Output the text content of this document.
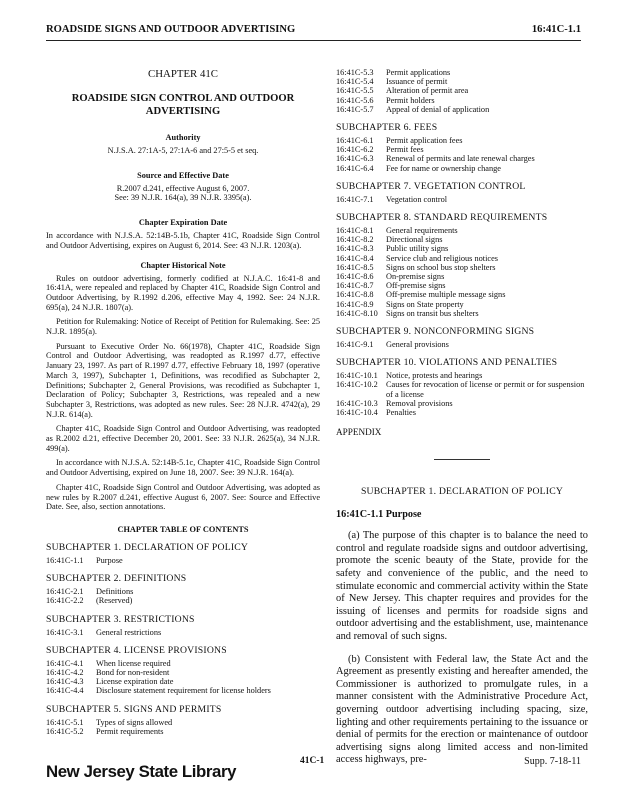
ROADSIDE SIGNS AND OUTDOOR ADVERTISING	16:41C-1.1

CHAPTER 41C

ROADSIDE SIGN CONTROL AND OUTDOOR ADVERTISING

Authority

N.J.S.A. 27:1A-5, 27:1A-6 and 27:5-5 et seq.

Source and Effective Date

R.2007 d.241, effective August 6, 2007.

See: 39 N.J.R. 164(a), 39 N.J.R. 3395(a).

Chapter Expiration Date

In accordance with N.J.S.A. 52:14B-5.1b, Chapter 41C, Roadside Sign Control and Outdoor Advertising, expires on August 6, 2014. See: 43 N.J.R. 1203(a).

Chapter Historical Note

Rules on outdoor advertising, formerly codified at N.J.A.C. 16:41-8 and 16:41A, were repealed and replaced by Chapter 41C, Roadside Sign Control and Outdoor Advertising, by R.1992 d.206, effective May 4, 1992. See: 24 N.J.R. 695(a), 24 N.J.R. 1807(a).

Petition for Rulemaking: Notice of Receipt of Petition for Rulemaking. See: 25 N.J.R. 1895(a).

Pursuant to Executive Order No. 66(1978), Chapter 41C, Roadside Sign Control and Outdoor Advertising, was readopted as R.1997 d.77, effective January 23, 1997. As part of R.1997 d.77, effective February 18, 1997 (operative March 3, 1997), Subchapter 1, Definitions, was recodified as Subchapter 2, Definitions; Subchapter 2, General Provisions, was recodified as Subchapter 1, Declaration of Policy; Subchapter 3, Restrictions, was repealed and a new Subchapter 3, Restrictions, was adopted as new rules. See: 28 N.J.R. 4742(a), 29 N.J.R. 614(a).

Chapter 41C, Roadside Sign Control and Outdoor Advertising, was readopted as R.2002 d.21, effective December 20, 2001. See: 33 N.J.R. 2625(a), 34 N.J.R. 499(a).

In accordance with N.J.S.A. 52:14B-5.1c, Chapter 41C, Roadside Sign Control and Outdoor Advertising, expired on June 18, 2007. See: 39 N.J.R. 164(a).

Chapter 41C, Roadside Sign Control and Outdoor Advertising, was adopted as new rules by R.2007 d.241, effective August 6, 2007. See: Source and Effective Date. See, also, section annotations.

CHAPTER TABLE OF CONTENTS

SUBCHAPTER 1. DECLARATION OF POLICY

16:41C-1.1	Purpose

SUBCHAPTER 2. DEFINITIONS

16:41C-2.1	Definitions
16:41C-2.2	(Reserved)

SUBCHAPTER 3. RESTRICTIONS

16:41C-3.1	General restrictions

SUBCHAPTER 4. LICENSE PROVISIONS

16:41C-4.1	When license required
16:41C-4.2	Bond for non-resident
16:41C-4.3	License expiration date
16:41C-4.4	Disclosure statement requirement for license holders

SUBCHAPTER 5. SIGNS AND PERMITS

16:41C-5.1	Types of signs allowed
16:41C-5.2	Permit requirements
16:41C-5.3	Permit applications
16:41C-5.4	Issuance of permit
16:41C-5.5	Alteration of permit area
16:41C-5.6	Permit holders
16:41C-5.7	Appeal of denial of application

SUBCHAPTER 6. FEES

16:41C-6.1	Permit application fees
16:41C-6.2	Permit fees
16:41C-6.3	Renewal of permits and late renewal charges
16:41C-6.4	Fee for name or ownership change

SUBCHAPTER 7. VEGETATION CONTROL

16:41C-7.1	Vegetation control

SUBCHAPTER 8. STANDARD REQUIREMENTS

16:41C-8.1	General requirements
16:41C-8.2	Directional signs
16:41C-8.3	Public utility signs
16:41C-8.4	Service club and religious notices
16:41C-8.5	Signs on school bus stop shelters
16:41C-8.6	On-premise signs
16:41C-8.7	Off-premise signs
16:41C-8.8	Off-premise multiple message signs
16:41C-8.9	Signs on State property
16:41C-8.10 Signs on transit bus shelters

SUBCHAPTER 9. NONCONFORMING SIGNS

16:41C-9.1	General provisions

SUBCHAPTER 10. VIOLATIONS AND PENALTIES

16:41C-10.1 Notice, protests and hearings
16:41C-10.2 Causes for revocation of license or permit or for suspension of a license
16:41C-10.3 Removal provisions
16:41C-10.4 Penalties

APPENDIX

SUBCHAPTER 1. DECLARATION OF POLICY

16:41C-1.1 Purpose

(a) The purpose of this chapter is to balance the need to control and regulate roadside signs and outdoor advertising, promote the scenic beauty of the State, provide for the safety and convenience of the public, and the need to stimulate economic and commercial activity within the State of New Jersey. This chapter requires and provides for the issuing of licenses and permits for roadside signs and outdoor advertising and the establishment, use, maintenance and removal of such signs.

(b) Consistent with Federal law, the State Act and the Agreement as presently existing and hereafter amended, the Commissioner is authorized to promulgate rules, in a manner consistent with the Administrative Procedure Act, governing outdoor advertising including spacing, size, lighting and other requirements pertaining to the issuance or denial of permits for the erection or maintenance of outdoor advertising signs along limited access and non-limited access highways, pre-

New Jersey State Library
41C-1	Supp. 7-18-11
